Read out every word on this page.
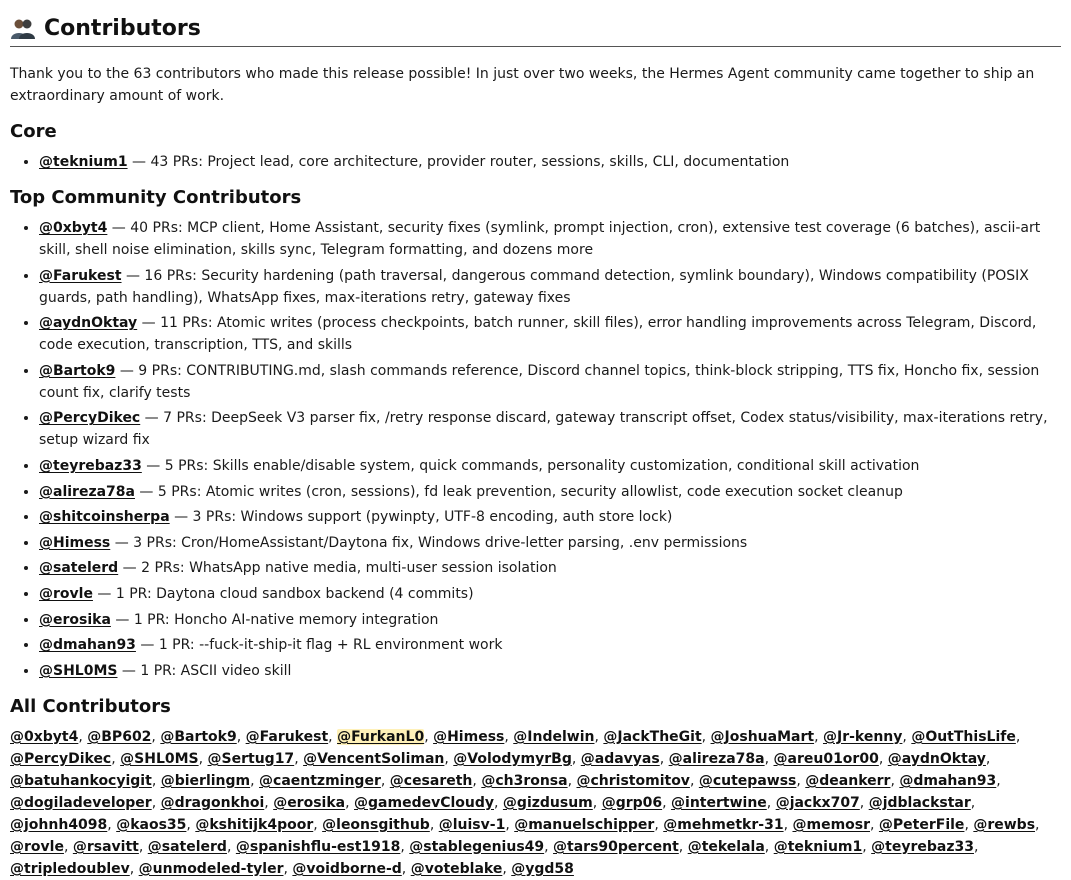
Contributors

Thank you to the 63 contributors who made this release possible! In just over two weeks, the Hermes Agent community came together to ship an extraordinary amount of work.

Core
• @teknium1 — 43 PRs: Project lead, core architecture, provider router, sessions, skills, CLI, documentation
Top Community Contributors
• @0xbyt4 — 40 PRs: MCP client, Home Assistant, security fixes (symlink, prompt injection, cron), extensive test coverage (6 batches), ascii-art skill, shell noise elimination, skills sync, Telegram formatting, and dozens more
• @Farukest — 16 PRs: Security hardening (path traversal, dangerous command detection, symlink boundary), Windows compatibility (POSIX guards, path handling), WhatsApp fixes, max-iterations retry, gateway fixes
• @aydnOktay — 11 PRs: Atomic writes (process checkpoints, batch runner, skill files), error handling improvements across Telegram, Discord, code execution, transcription, TTS, and skills
• @Bartok9 — 9 PRs: CONTRIBUTING.md, slash commands reference, Discord channel topics, think-block stripping, TTS fix, Honcho fix, session count fix, clarify tests
• @PercyDikec — 7 PRs: DeepSeek V3 parser fix, /retry response discard, gateway transcript offset, Codex status/visibility, max-iterations retry, setup wizard fix
• @teyrebaz33 — 5 PRs: Skills enable/disable system, quick commands, personality customization, conditional skill activation
• @alireza78a — 5 PRs: Atomic writes (cron, sessions), fd leak prevention, security allowlist, code execution socket cleanup
• @shitcoinsherpa — 3 PRs: Windows support (pywinpty, UTF-8 encoding, auth store lock)
• @Himess — 3 PRs: Cron/HomeAssistant/Daytona fix, Windows drive-letter parsing, .env permissions
• @satelerd — 2 PRs: WhatsApp native media, multi-user session isolation
• @rovle — 1 PR: Daytona cloud sandbox backend (4 commits)
• @erosika — 1 PR: Honcho AI-native memory integration
• @dmahan93 — 1 PR: --fuck-it-ship-it flag + RL environment work
• @SHL0MS — 1 PR: ASCII video skill
All Contributors
@0xbyt4, @BP602, @Bartok9, @Farukest, @FurkanL0, @Himess, @Indelwin, @JackTheGit, @JoshuaMart, @Jr-kenny, @OutThisLife, @PercyDikec, @SHL0MS, @Sertug17, @VencentSoliman, @VolodymyrBg, @adavyas, @alireza78a, @areu01or00, @aydnOktay, @batuhankocyigit, @bierlingm, @caentzminger, @cesareth, @ch3ronsa, @christomitov, @cutepawss, @deankerr, @dmahan93, @dogiladeveloper, @dragonkhoi, @erosika, @gamedevCloudy, @gizdusum, @grp06, @intertwine, @jackx707, @jdblackstar, @johnh4098, @kaos35, @kshitijk4poor, @leonsgithub, @luisv-1, @manuelschipper, @mehmetkr-31, @memosr, @PeterFile, @rewbs, @rovle, @rsavitt, @satelerd, @spanishflu-est1918, @stablegenius49, @tars90percent, @tekelala, @teknium1, @teyrebaz33, @tripledoublev, @unmodeled-tyler, @voidborne-d, @voteblake, @ygd58
